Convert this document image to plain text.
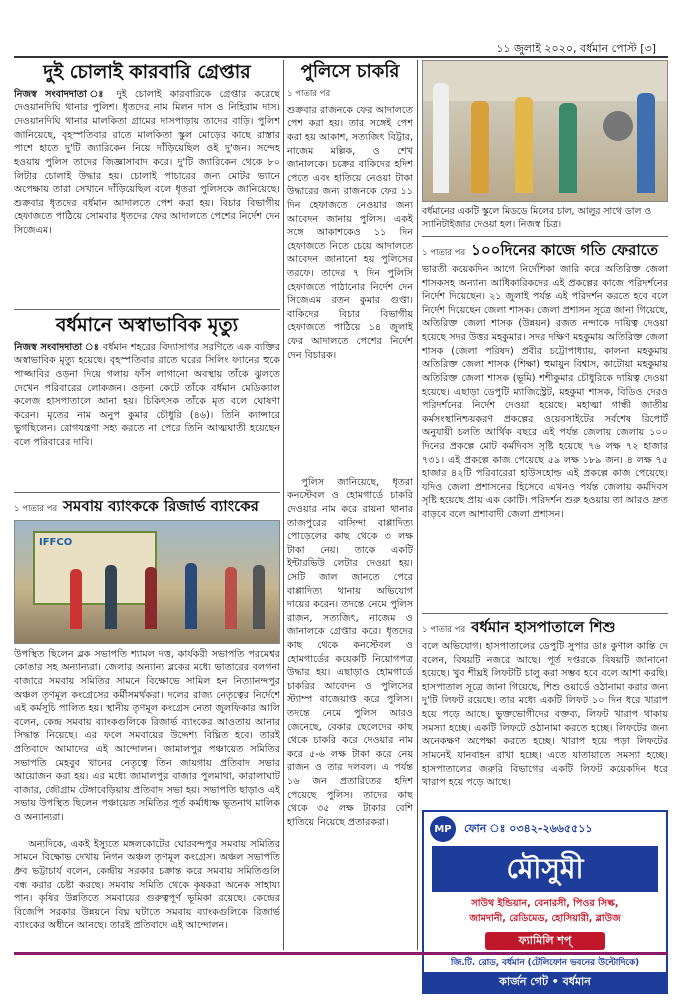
১১ জুলাই ২০২০, বর্ধমান পোস্ট [৩]
দুই চোলাই কারবারি গ্রেপ্তার
নিজস্ব সংবাদদাতা ঃ দুই চোলাই কারবারিকে গ্রেপ্তার করেছে দেওয়ানদিঘি থানার পুলিশ। ধৃতদের নাম মিলন দাস ও নিহিরাম দাস। দেওয়ানদিঘি থানার মালকিতা গ্রামের দাসপাড়ায় তাদের বাড়ি। পুলিশ জানিয়েছে, বৃহস্পতিবার রাতে মালকিতা স্কুল মোড়ের কাছে রাস্তার পাশে হাতে দু'টি জ্যারিকেন নিয়ে দাঁড়িয়েছিল ওই দু'জন। সন্দেহ হওয়ায় পুলিস তাদের জিজ্ঞাসাবাদ করে। দু'টি জ্যারিকেন থেকে ৮০ লিটার চোলাই উদ্ধার হয়। চোলাই পাচারের জন্য মোটর ভ্যানে অপেক্ষায় তারা সেখানে দাঁড়িয়েছিল বলে ধৃতরা পুলিসকে জানিয়েছে। শুক্রবার ধৃতদের বর্ধমান আদালতে পেশ করা হয়। বিচার বিভাগীয় হেফাজতে পাঠিয়ে সোমবার ধৃতদের ফের আদালতে পেশের নির্দেশ দেন সিজেএম।
বর্ধমানে অস্বাভাবিক মৃত্যু
নিজস্ব সংবাদদাতা ঃ বর্ধমান শহরের বিদ্যাসাগর সরণিতে এক ব্যক্তির অস্বাভাবিক মৃত্যু হয়েছে। বৃহস্পতিবার রাতে ঘরের সিলিং ফ্যানের হুকে পাজ্জাবির ওড়না দিয়ে গলায় ফাঁস লাগানো অবস্থায় তাঁকে ঝুলতে দেখেন পরিবারের লোকজন। ওড়না কেটে তাঁকে বর্ধমান মেডিক্যাল কলেজ হাসপাতালে আনা হয়। চিকিৎসক তাঁকে মৃত বলে ঘোষণা করেন। মৃতের নাম অনুপ কুমার চৌধুরি (৪৬)। তিনি ক্যান্সারে ভুগছিলেন। রোগযন্ত্রণা সহ্য করতে না পেরে তিনি আত্মঘাতী হয়েছেন বলে পরিবারের দাবি।
১ পাতার পর সমবায় ব্যাংককে রিজার্ভ ব্যাংকের
IFFCO
উপস্থিত ছিলেন ব্লক সভাপতি শ্যামল দত্ত, কার্যকরী সভাপতি পরমেশ্বর কোঙার সহ অন্যান্যরা। জেলার অন্যান্য ব্লকের মধ্যে ভাতারের বলগনা বাজারে সমবায় সমিতির সামনে বিক্ষোভে সামিল হন নিত্যানন্দপুর অঞ্চল তৃণমূল কংগ্রেসের কর্মীসমর্থকরা। দলের রাজ্য নেতৃত্বের নির্দেশে এই কর্মসূচি পালিত হয়। স্থানীয় তৃণমূল কংগ্রেস নেতা জুলফিকার আলি বলেন, কেন্দ্র সমবায় ব্যাংকগুলিকে রিজার্ভ ব্যাংকের আওতায় আনার সিদ্ধান্ত নিয়েছে। এর ফলে সমবায়ের উদ্দেশ্য বিঘ্নিত হবে। তারই প্রতিবাদে আমাদের এই আন্দোলন। জামালপুর পঞ্চায়েত সমিতির সভাপতি মেহবুব খানের নেতৃত্বে তিন জায়গায় প্রতিবাদ সভার আয়োজন করা হয়। এর মধ্যে জামালপুর বাজার পুলমাথা, কারালাঘাট বাজার, জৌগ্রাম টেঙ্গাবেড়িয়ায় প্রতিবাদ সভা হয়। সভাপতি ছাড়াও এই সভায় উপস্থিত ছিলেন পঞ্চায়েত সমিতির পূর্ত কর্মাধ্যক্ষ ভূতনাথ মালিক ও অন্যান্যরা।
অন্যদিকে, একই ইস্যুতে মঙ্গলকোটের ঘোরবন্দপুর সমবায় সমিতির সামনে বিক্ষোভ দেখায় নিগন অঞ্চল তৃণমূল কংগ্রেস। অঞ্চল সভাপতি ধ্রুব ভট্টাচার্য বলেন, কেন্দ্রীয় সরকার চক্রান্ত করে সমবায় সমিতিগুলি বন্ধ করার চেষ্টা করছে। সমবায় সমিতি থেকে কৃষকরা অনেক সাহায্য পান। কৃষির উন্নতিতে সমবায়ের গুরুত্বপূর্ণ ভূমিকা রয়েছে। কেন্দ্রের বিজেপি সরকার উন্নয়নে বিঘ্ন ঘটাতে সমবায় ব্যাংকগুলিকে রিজার্ভ ব্যাংকের অধীনে আনছে। তারই প্রতিবাদে এই আন্দোলন।
পুলিসে চাকরি
১ পাতার পর
শুক্রবার রাজনকে ফের আদালতে পেশ করা হয়। তার সঙ্গেই পেশ করা হয় আকাশ, সত্যজিৎ বিট্টার, নাজেম মল্লিক, ও শেখ জানালকে। চক্রের বাকিদের হদিশ পেতে এবং হাতিয়ে নেওয়া টাকা উদ্ধারের জন্য রাজনকে ফের ১১ দিন হেফাজতে নেওয়ার জন্য আবেদন জানায় পুলিস। একই সঙ্গে আকাশকেও ১১ দিন হেফাজতে নিতে চেয়ে আদালতে আবেদন জানানো হয় পুলিসের তরফে। তাদের ৭ দিন পুলিসি হেফাজতে পাঠানোর নির্দেশ দেন সিজেএম রতন কুমার গুপ্তা। বাকিদের বিচার বিভাগীয় হেফাজতে পাঠিয়ে ১৪ জুলাই ফের আদালতে পেশের নির্দেশ দেন বিচারক।
পুলিস জানিয়েছে, ধৃতরা কনস্টেবল ও হোমগার্ডে চাকরি দেওয়ার নাম করে রায়না থানার তাজপুরের বাসিন্দা বাপ্পাদিত্য পোড়েলের কাছ থেকে ৩ লক্ষ টাকা নেয়। তাকে একটি ইন্টারভিউ লেটার দেওয়া হয়। সেটি জাল জানতে পেরে বাপ্পাদিত্য থানায় অভিযোগ দায়ের করেন। তদন্তে নেমে পুলিস রাজন, সত্যজিৎ, নাজেম ও জানালকে গ্রেপ্তার করে। ধৃতদের কাছ থেকে কনস্টেবল ও হোমগার্ডের কয়েকটি নিয়োগপত্র উদ্ধার হয়। এছাড়াও হোমগার্ডে চাকরির আবেদন ও পুলিসের স্ট্যাম্প বাজেয়াপ্ত করে পুলিস। তদন্তে নেমে পুলিস আরও জেনেছে, বেকার ছেলেদের কাছ থেকে চাকরি করে দেওয়ার নাম করে ৫-৬ লক্ষ টাকা করে নেয় রাজন ও তার দলবল। এ পর্যন্ত ১৬ জন প্রতারিতের হদিশ পেয়েছে পুলিস। তাদের কাছ থেকে ৩৫ লক্ষ টাকার বেশি হাতিয়ে নিয়েছে প্রতারকরা।
বর্ধমানের একটি স্কুলে মিডডে মিলের চাল, আলুর সাথে ডাল ও স্যানিটাইজার দেওয়া হল। নিজস্ব চিত্র।
১ পাতার পর ১০০দিনের কাজে গতি ফেরাতে
ভারতী কয়েকদিন আগে নির্দেশিকা জারি করে অতিরিক্ত জেলা শাসকসহ অন্যান্য আধিকারিকদের এই প্রকল্পের কাজে পরিদর্শনের নির্দেশ দিয়েছেন। ২১ জুলাই পর্যন্ত এই পরিদর্শন করতে হবে বলে নির্দেশ দিয়েছেন জেলা শাসক। জেলা প্রশাসন সূত্রে জানা গিয়েছে, অতিরিক্ত জেলা শাসক (উন্নয়ন) রজত নন্দাকে দায়িত্ব দেওয়া হয়েছে সদর উত্তর মহকুমার। সদর দক্ষিণ মহকুমায় অতিরিক্ত জেলা শাসক (জেলা পরিষদ) প্রবীর চট্টোপাধ্যায়, কালনা মহকুমায় অতিরিক্ত জেলা শাসক (শিক্ষা) হুমায়ুন বিশ্বাস, কাটোয়া মহকুমায় অতিরিক্ত জেলা শাসক (ভূমি) শশীকুমার চৌধুরিকে দায়িত্ব দেওয়া হয়েছে। এছাড়া ডেপুটি ম্যাজিস্ট্রেট, মহকুমা শাসক, বিডিও দেরও পরিদর্শনের নির্দেশ দেওয়া হয়েছে। মহাত্মা গান্ধী জাতীয় কর্মসংস্থানিশ্চয়করণ প্রকল্পের ওয়েবসাইটের সর্বশেষ রিপোর্ট অনুযায়ী চলতি আর্থিক বছরে এই পর্যন্ত জেলায় জেলায় ১০০ দিনের প্রকল্পে মোট কর্মদিবস সৃষ্টি হয়েছে ৭৬ লক্ষ ৭২ হাজার ৭৩১। এই প্রকল্পে কাজ পেয়েছে ৫৯ লক্ষ ১৮৯ জন। ৪ লক্ষ ৭৫ হাজার ৪২টি পরিবারেরা হাউসহোল্ড এই প্রকল্পে কাজ পেয়েছে। যদিও জেলা প্রশাসনের হিসেবে এখনও পর্যন্ত জেলায় কর্মদিবস সৃষ্টি হয়েছে প্রায় এক কোটি। পরিদর্শন শুরু হওয়ায় তা আরও দ্রুত বাড়বে বলে আশাবাদী জেলা প্রশাসন।
১ পাতার পর বর্ধমান হাসপাতালে শিশু
বলে অভিযোগ। হাসপাতালের ডেপুটি সুপার ডাঃ কুণাল কান্তি দে বলেন, বিষয়টি নজরে আছে। পূর্ত দপ্তরকে বিষয়টি জানানো হয়েছে। খুব শীঘ্রই লিফটটি চালু করা সম্ভব হবে বলে আশা করছি। হাসপাতাল সূত্রে জানা গিয়েছে, শিশু ওয়ার্ডে ওঠানামা করার জন্য দু'টি লিফট রয়েছে। তার মধ্যে একটি লিফট ১০ দিন ধরে খারাপ হয়ে পড়ে আছে। ভুক্তভোগীদের বক্তব্য, লিফট খারাপ থাকায় সমস্যা হচ্ছে। একটি লিফটে ওঠানামা করতে হচ্ছে। লিফটের জন্য অনেকক্ষণ অপেক্ষা করতে হচ্ছে। খারাপ হয়ে পড়া লিফটের সামনেই যানবাহন রাখা হচ্ছে। এতে যাতায়াতে সমস্যা হচ্ছে। হাসপাতালের জরুরি বিভাগের একটি লিফট কয়েকদিন ধরে খারাপ হয়ে পড়ে আছে।
MP	ফোন ঃ ০৩৪২-২৬৬৫৫১১
মৌসুমী
সাউথ ইন্ডিয়ান, বেনারসী, পিওর সিল্ক,
জামদানী, রেডিমেড, হোসিয়ারী, ব্লাউজ
ফ্যামিলি শপ্
জি.টি. রোড, বর্ধমান (টেলিফোন ভবনের উল্টোদিকে)
কার্জন গেট • বর্ধমান
